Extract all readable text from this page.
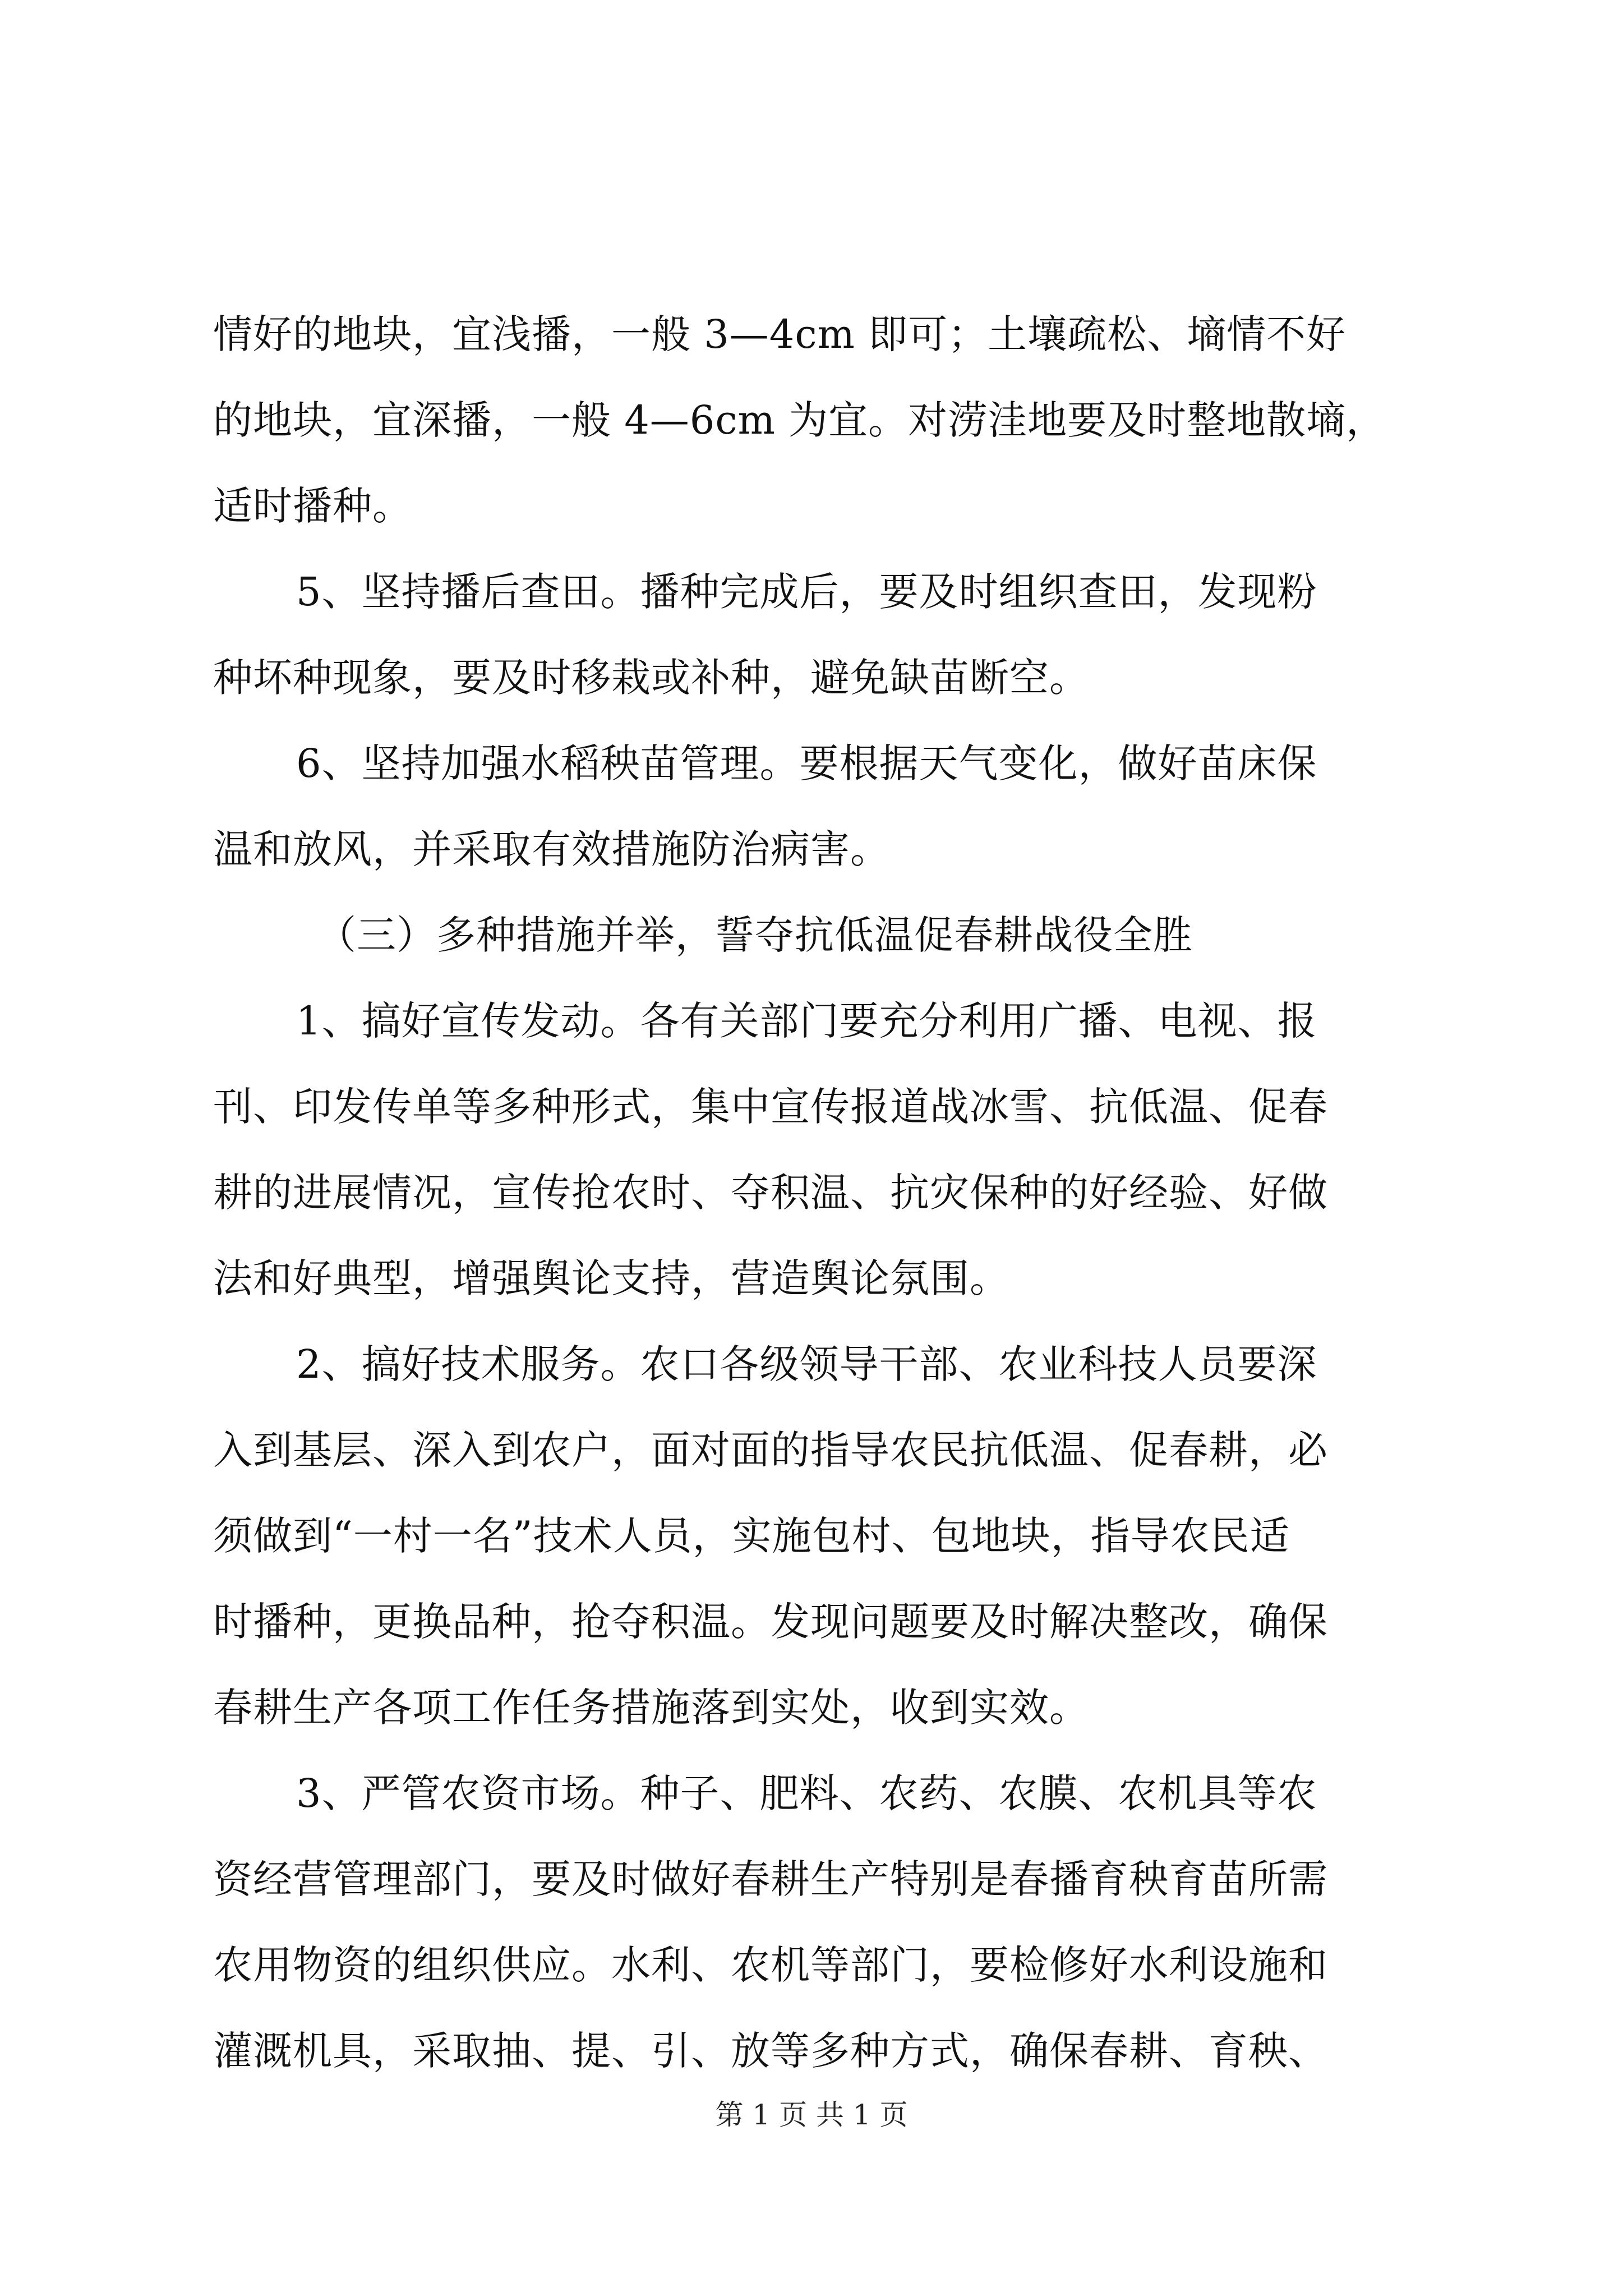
情好的地块，宜浅播，一般 3—4cm 即可；土壤疏松、墒情不好
的地块，宜深播，一般 4—6cm 为宜。对涝洼地要及时整地散墒，
适时播种。
5、坚持播后查田。播种完成后，要及时组织查田，发现粉
种坏种现象，要及时移栽或补种，避免缺苗断空。
6、坚持加强水稻秧苗管理。要根据天气变化，做好苗床保
温和放风，并采取有效措施防治病害。
（三）多种措施并举，誓夺抗低温促春耕战役全胜
1、搞好宣传发动。各有关部门要充分利用广播、电视、报
刊、印发传单等多种形式，集中宣传报道战冰雪、抗低温、促春
耕的进展情况，宣传抢农时、夺积温、抗灾保种的好经验、好做
法和好典型，增强舆论支持，营造舆论氛围。
2、搞好技术服务。农口各级领导干部、农业科技人员要深
入到基层、深入到农户，面对面的指导农民抗低温、促春耕，必
须做到“一村一名”技术人员，实施包村、包地块，指导农民适
时播种，更换品种，抢夺积温。发现问题要及时解决整改，确保
春耕生产各项工作任务措施落到实处，收到实效。
3、严管农资市场。种子、肥料、农药、农膜、农机具等农
资经营管理部门，要及时做好春耕生产特别是春播育秧育苗所需
农用物资的组织供应。水利、农机等部门，要检修好水利设施和
灌溉机具，采取抽、提、引、放等多种方式，确保春耕、育秧、
第 1 页 共 1 页
